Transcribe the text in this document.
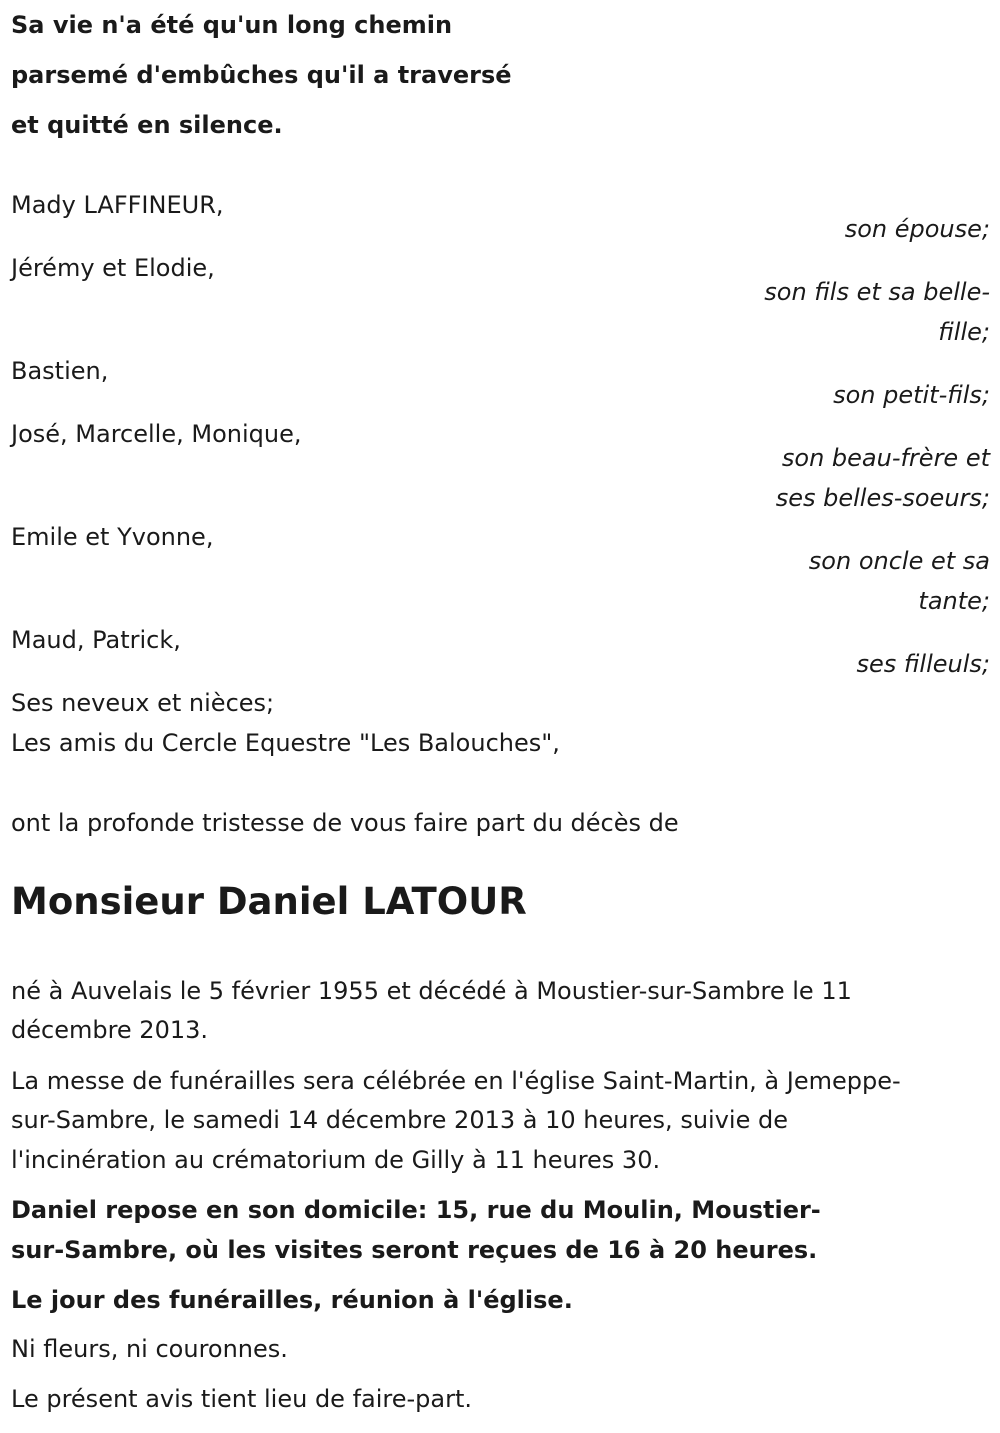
Sa vie n'a été qu'un long chemin
parsemé d'embûches qu'il a traversé
et quitté en silence.
Mady LAFFINEUR,
Jérémy et Elodie,
Bastien,
José, Marcelle, Monique,
Emile et Yvonne,
Maud, Patrick,
son épouse;
son fils et sa belle-
fille;
son petit-fils;
son beau-frère et
ses belles-soeurs;
son oncle et sa
tante;
ses filleuls;
Ses neveux et nièces;
Les amis du Cercle Equestre "Les Balouches",
ont la profonde tristesse de vous faire part du décès de
Monsieur Daniel LATOUR
né à Auvelais le 5 février 1955 et décédé à Moustier-sur-Sambre le 11
décembre 2013.
La messe de funérailles sera célébrée en l'église Saint-Martin, à Jemeppe-
sur-Sambre, le samedi 14 décembre 2013 à 10 heures, suivie de
l'incinération au crématorium de Gilly à 11 heures 30.
Daniel repose en son domicile: 15, rue du Moulin, Moustier-
sur-Sambre, où les visites seront reçues de 16 à 20 heures.
Le jour des funérailles, réunion à l'église.
Ni fleurs, ni couronnes.
Le présent avis tient lieu de faire-part.
